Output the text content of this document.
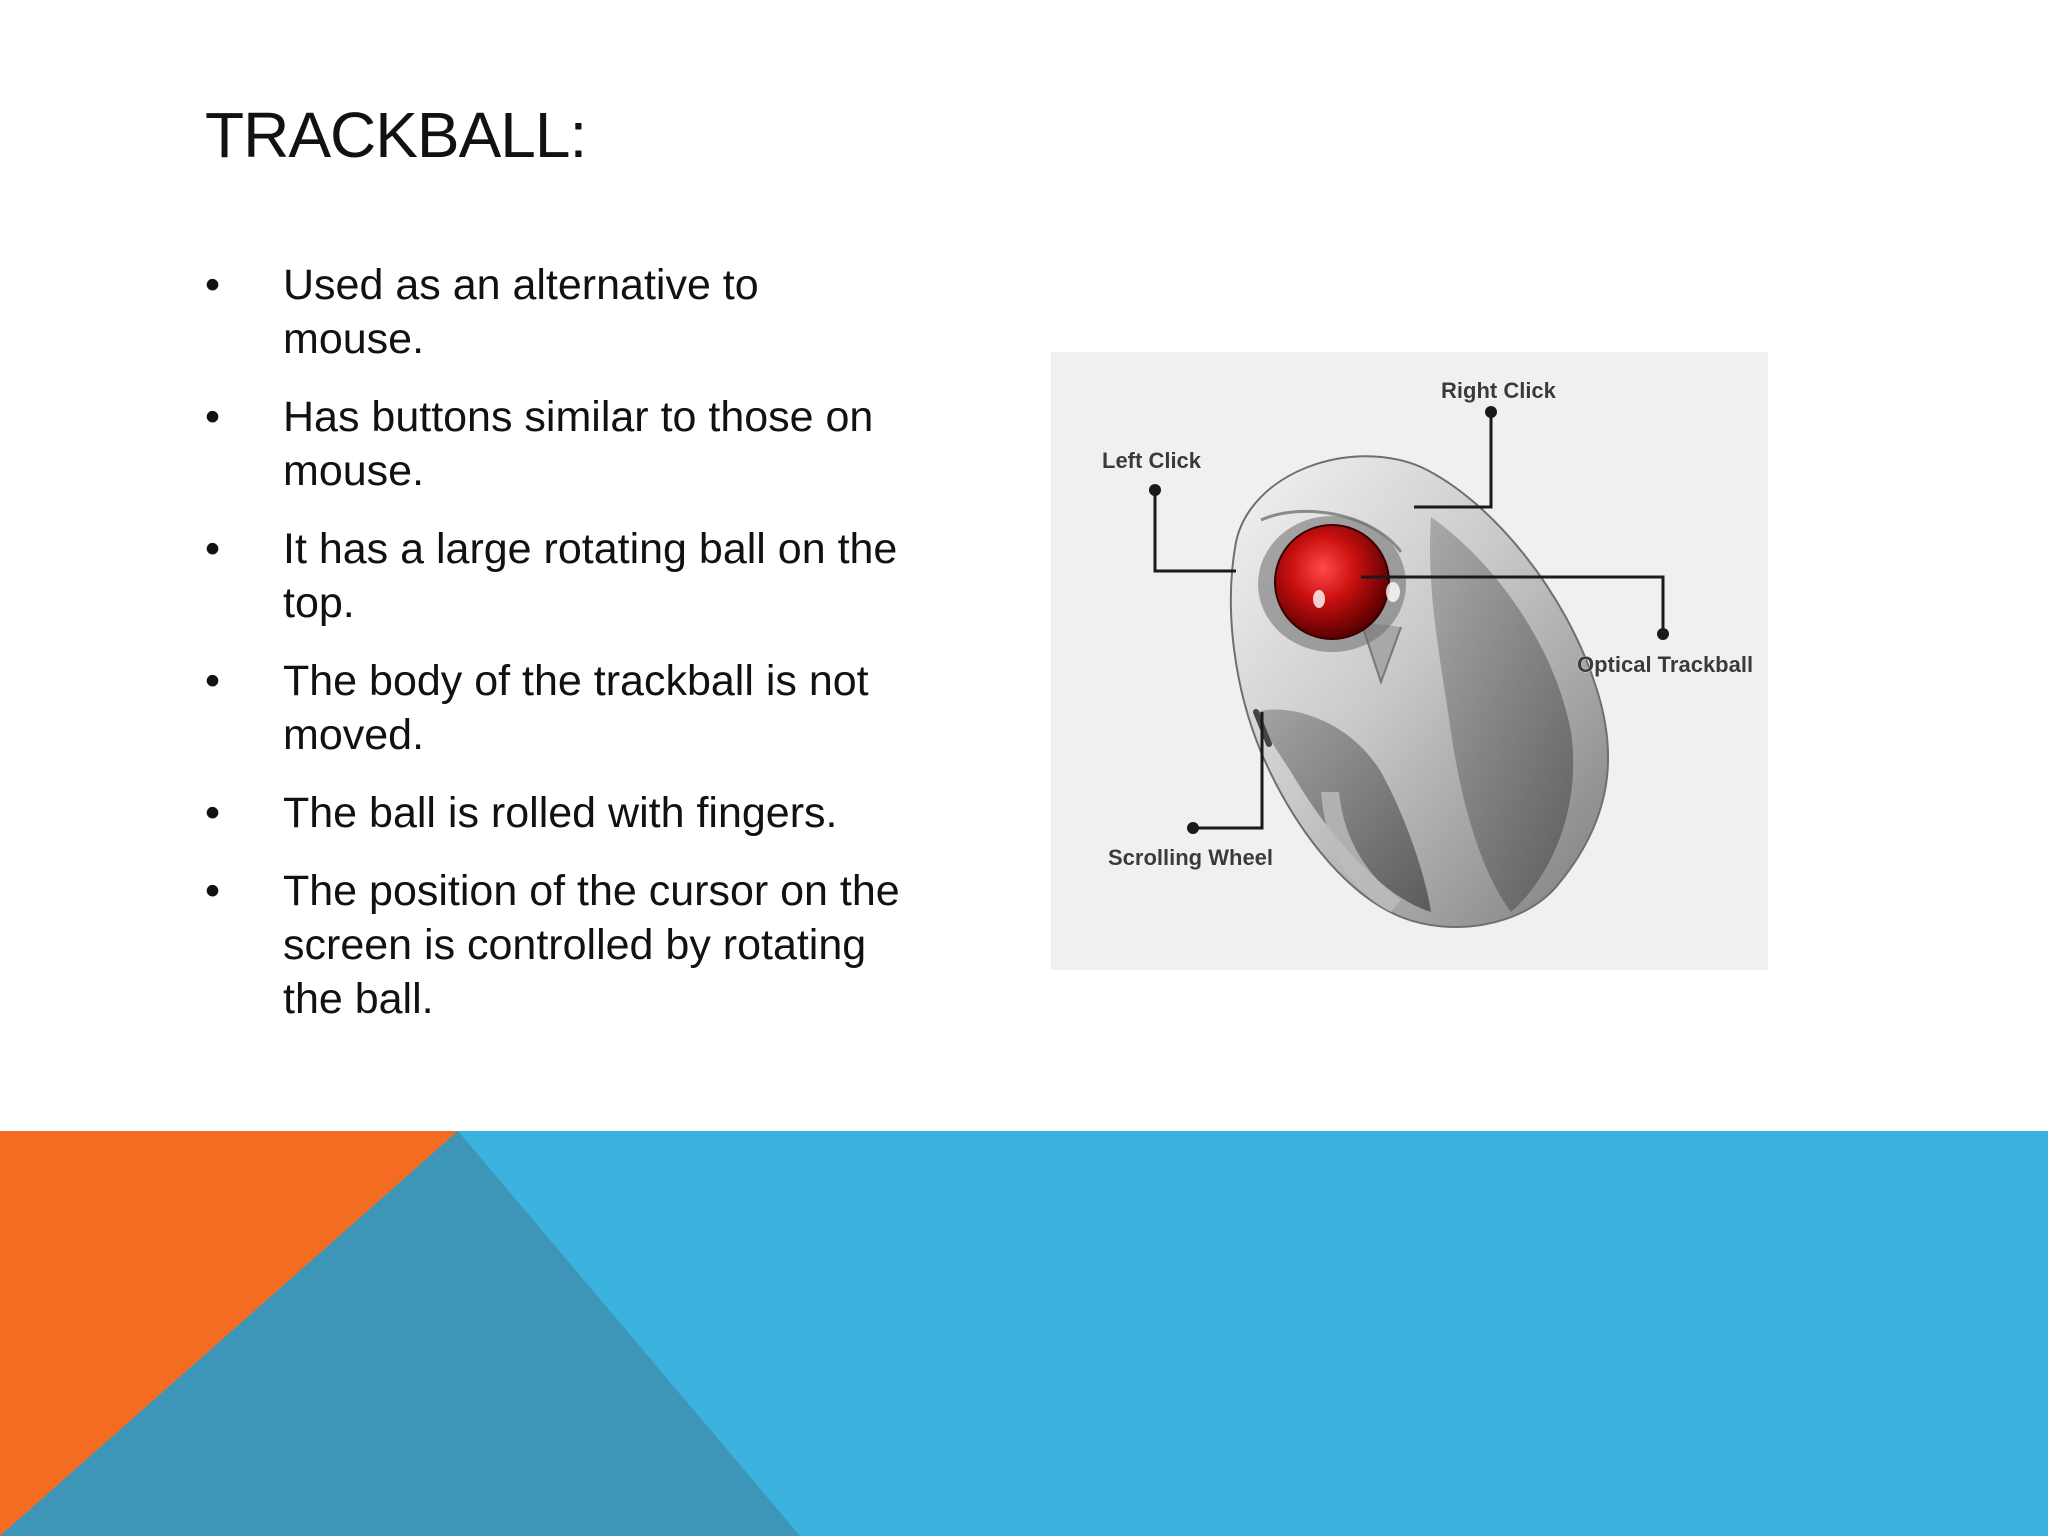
TRACKBALL:
• Used as an alternative to mouse.
• Has buttons similar to those on mouse.
• It has a large rotating ball on the top.
• The body of the trackball is not moved.
• The ball is rolled with fingers.
• The position of the cursor on the screen is controlled by rotating the ball.
Right Click
Left Click
Optical Trackball
Scrolling Wheel
